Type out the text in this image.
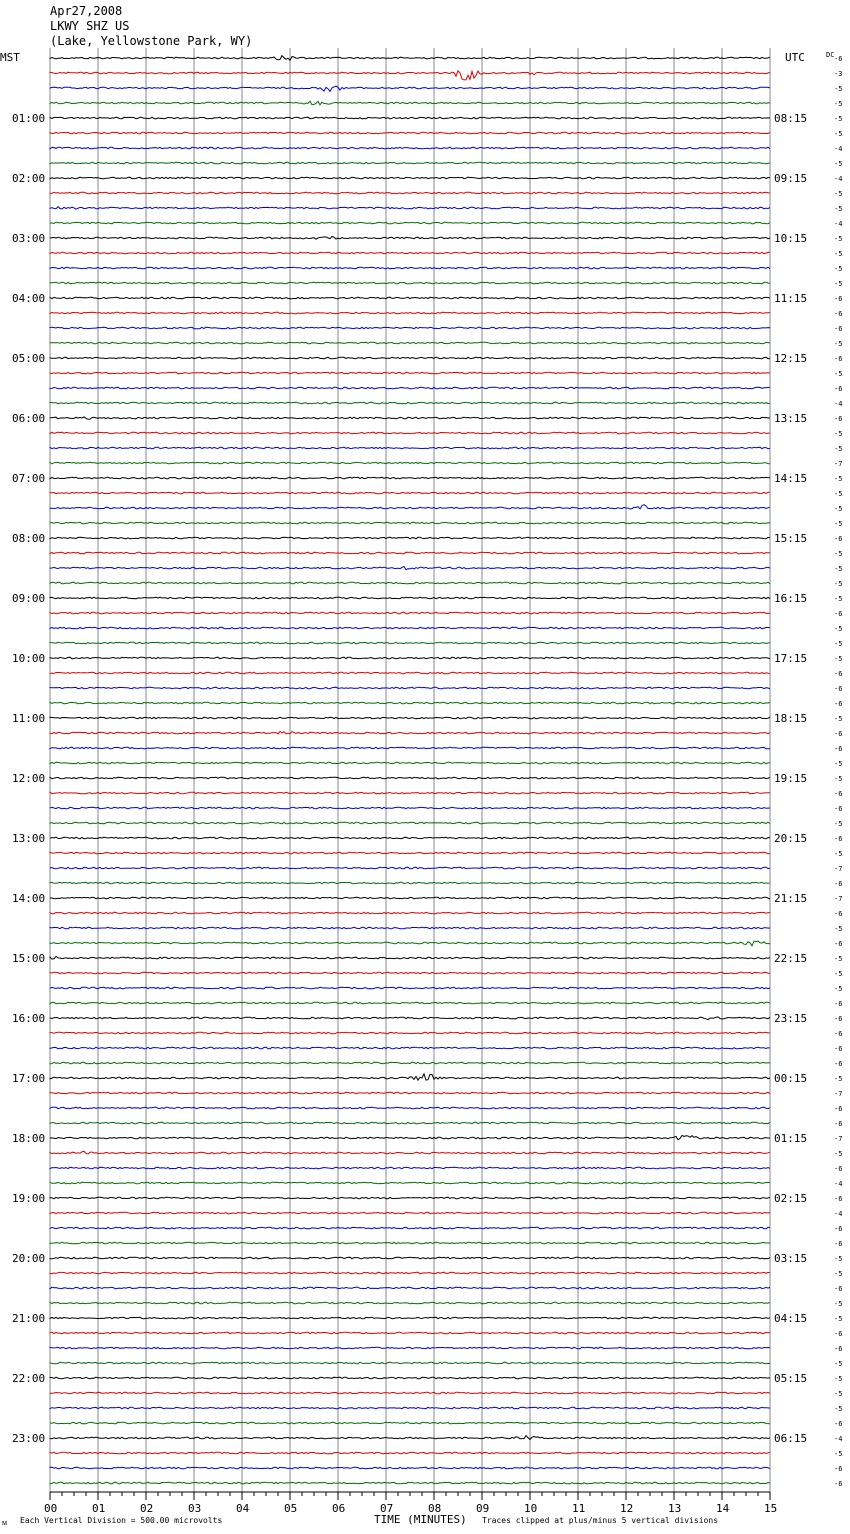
Apr27,2008
LKWY SHZ US
(Lake, Yellowstone Park, WY)
00	01	02	03	04	05	06	07	08	09	10	11	12	13	14	15
-6
-3
-5
-5
-5
-5
-4
-5
-4
-5
-5
-4
-5
-5
-5
-5
-6
-6
-6
-5
-6
-5
-6
-4
-6
-5
-5
-7
-5
-5
-5
-5
-6
-5
-5
-5
-5
-6
-5
-5
-5
-6
-6
-6
-5
-6
-6
-5
-5
-6
-6
-5
-6
-5
-7
-6
-7
-6
-5
-6
-5
-5
-5
-6
-6
-6
-6
-6
-5
-7
-6
-6
-7
-5
-6
-4
-6
-4
-6
-6
-5
-5
-6
-5
-5
-6
-6
-5
-5
-5
-5
-6
-4
-5
-6
-6
01:00	08:15
02:00	09:15
03:00	10:15
04:00	11:15
05:00	12:15
06:00	13:15
07:00	14:15
08:00	15:15
09:00	16:15
10:00	17:15
11:00	18:15
12:00	19:15
13:00	20:15
14:00	21:15
15:00	22:15
16:00	23:15
17:00	00:15
18:00	01:15
19:00	02:15
20:00	03:15
21:00	04:15
22:00	05:15
23:00	06:15
MST	UTC	DC
ᴍ Each Vertical Division = 500.00 microvolts	TIME (MINUTES) Traces clipped at plus/minus 5 vertical divisions
